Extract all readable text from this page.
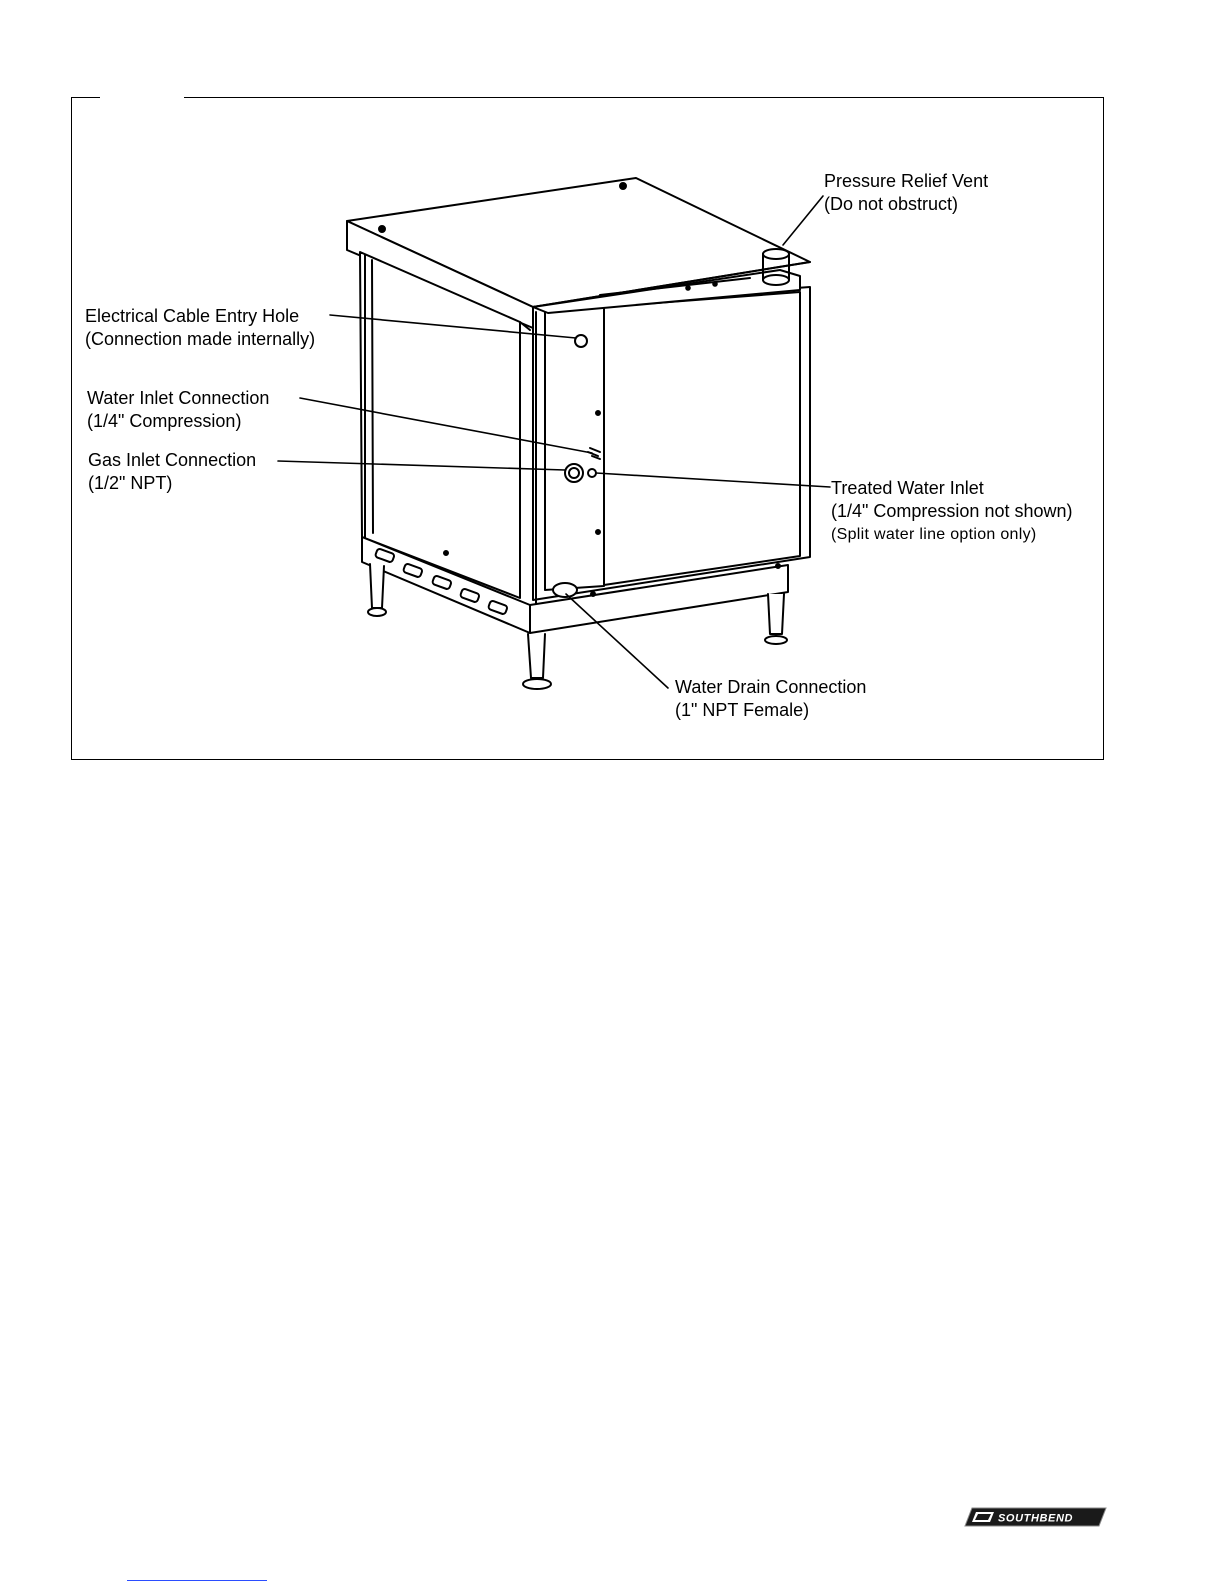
Pressure Relief Vent
(Do not obstruct)
Electrical Cable Entry Hole
(Connection made internally)
Water Inlet Connection
(1/4" Compression)
Gas Inlet Connection
(1/2" NPT)	Treated Water Inlet
(1/4" Compression not shown)
(Split water line option only)
Water Drain Connection
(1" NPT Female)
SOUTHBEND
